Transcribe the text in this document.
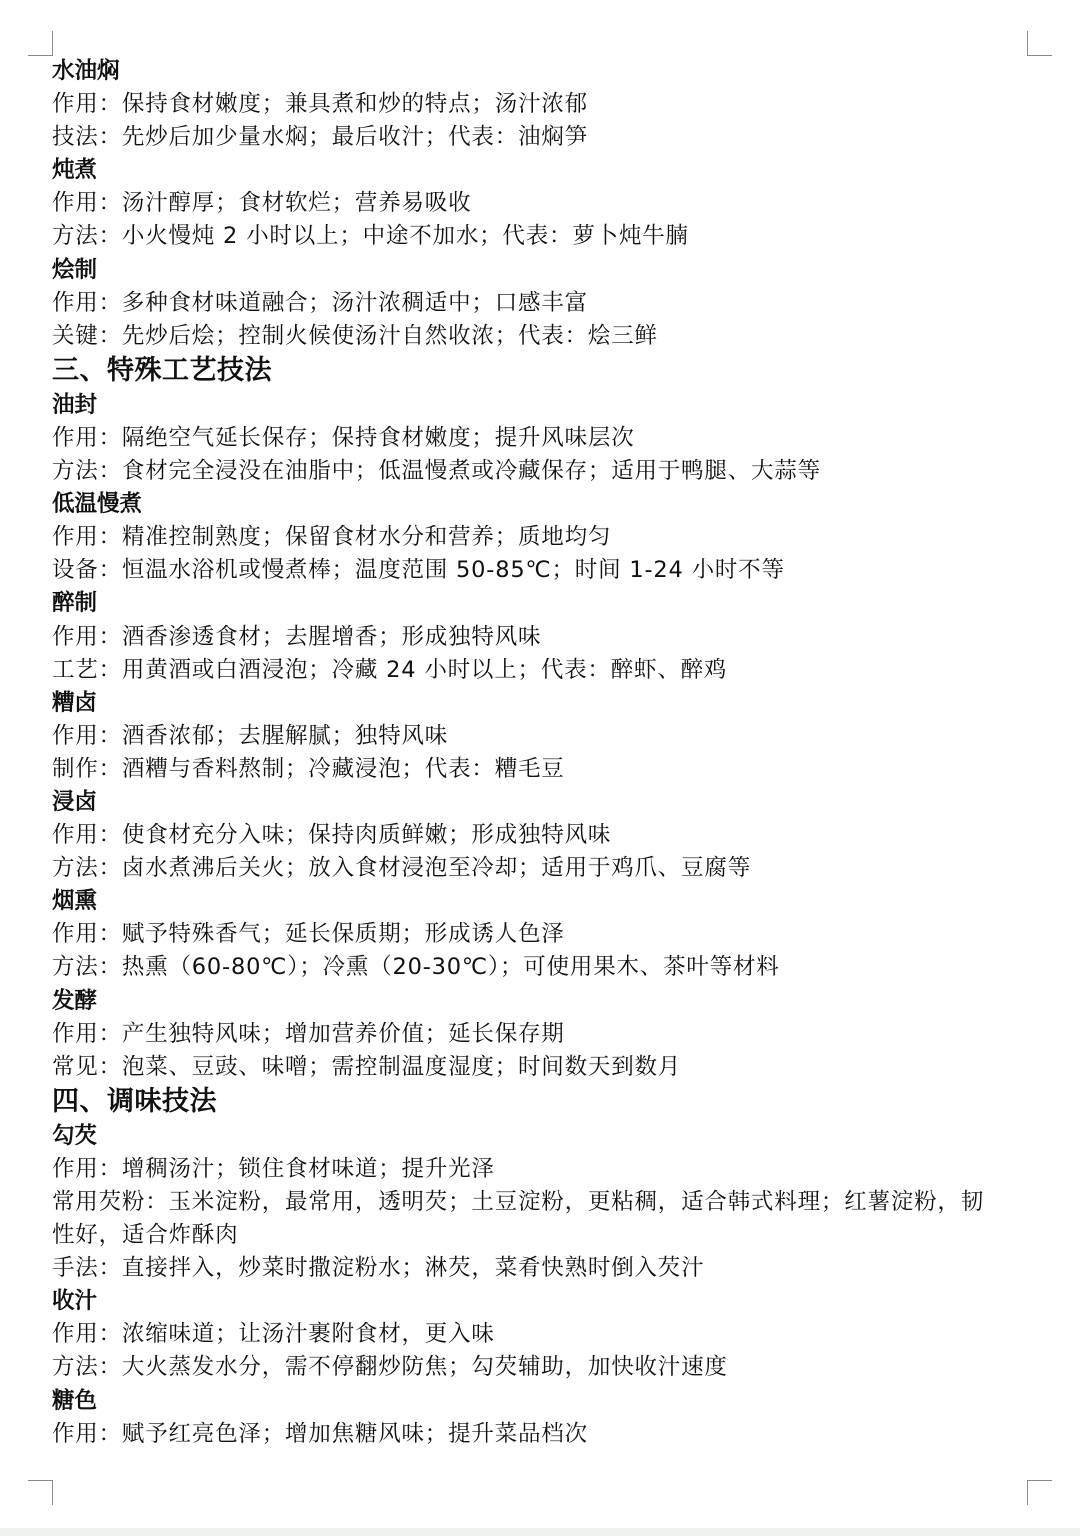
水油焖
作用：保持食材嫩度；兼具煮和炒的特点；汤汁浓郁
技法：先炒后加少量水焖；最后收汁；代表：油焖笋
炖煮
作用：汤汁醇厚；食材软烂；营养易吸收
方法：小火慢炖 2 小时以上；中途不加水；代表：萝卜炖牛腩
烩制
作用：多种食材味道融合；汤汁浓稠适中；口感丰富
关键：先炒后烩；控制火候使汤汁自然收浓；代表：烩三鲜
三、特殊工艺技法
油封
作用：隔绝空气延长保存；保持食材嫩度；提升风味层次
方法：食材完全浸没在油脂中；低温慢煮或冷藏保存；适用于鸭腿、大蒜等
低温慢煮
作用：精准控制熟度；保留食材水分和营养；质地均匀
设备：恒温水浴机或慢煮棒；温度范围 50-85℃；时间 1-24 小时不等
醉制
作用：酒香渗透食材；去腥增香；形成独特风味
工艺：用黄酒或白酒浸泡；冷藏 24 小时以上；代表：醉虾、醉鸡
糟卤
作用：酒香浓郁；去腥解腻；独特风味
制作：酒糟与香料熬制；冷藏浸泡；代表：糟毛豆
浸卤
作用：使食材充分入味；保持肉质鲜嫩；形成独特风味
方法：卤水煮沸后关火；放入食材浸泡至冷却；适用于鸡爪、豆腐等
烟熏
作用：赋予特殊香气；延长保质期；形成诱人色泽
方法：热熏（60-80℃）；冷熏（20-30℃）；可使用果木、茶叶等材料
发酵
作用：产生独特风味；增加营养价值；延长保存期
常见：泡菜、豆豉、味噌；需控制温度湿度；时间数天到数月
四、调味技法
勾芡
作用：增稠汤汁；锁住食材味道；提升光泽
常用芡粉：玉米淀粉，最常用，透明芡；土豆淀粉，更粘稠，适合韩式料理；红薯淀粉，韧性好，适合炸酥肉
手法：直接拌入，炒菜时撒淀粉水；淋芡，菜肴快熟时倒入芡汁
收汁
作用：浓缩味道；让汤汁裹附食材，更入味
方法：大火蒸发水分，需不停翻炒防焦；勾芡辅助，加快收汁速度
糖色
作用：赋予红亮色泽；增加焦糖风味；提升菜品档次
